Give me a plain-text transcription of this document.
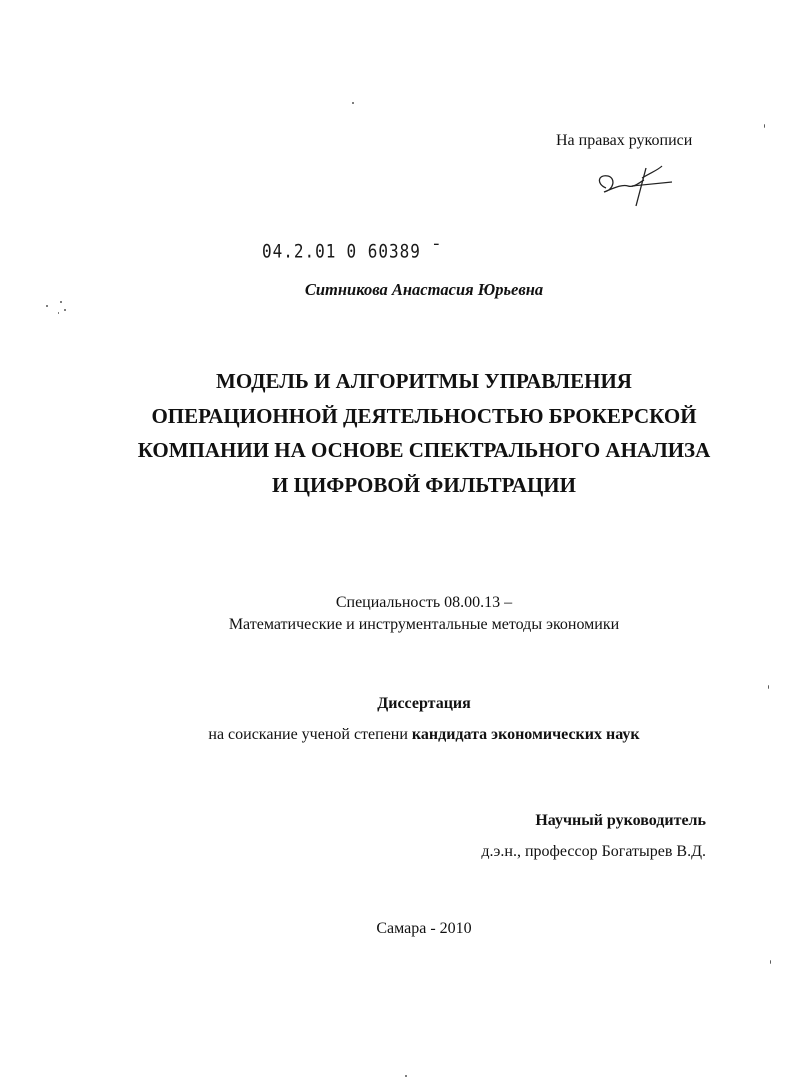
На правах рукописи
04.2.01 0 60389 ˉ
Ситникова Анастасия Юрьевна
МОДЕЛЬ И АЛГОРИТМЫ УПРАВЛЕНИЯ
ОПЕРАЦИОННОЙ ДЕЯТЕЛЬНОСТЬЮ БРОКЕРСКОЙ
КОМПАНИИ НА ОСНОВЕ СПЕКТРАЛЬНОГО АНАЛИЗА
И ЦИФРОВОЙ ФИЛЬТРАЦИИ
Специальность 08.00.13 –
Математические и инструментальные методы экономики
Диссертация
на соискание ученой степени кандидата экономических наук
Научный руководитель
д.э.н., профессор Богатырев В.Д.
Самара - 2010
